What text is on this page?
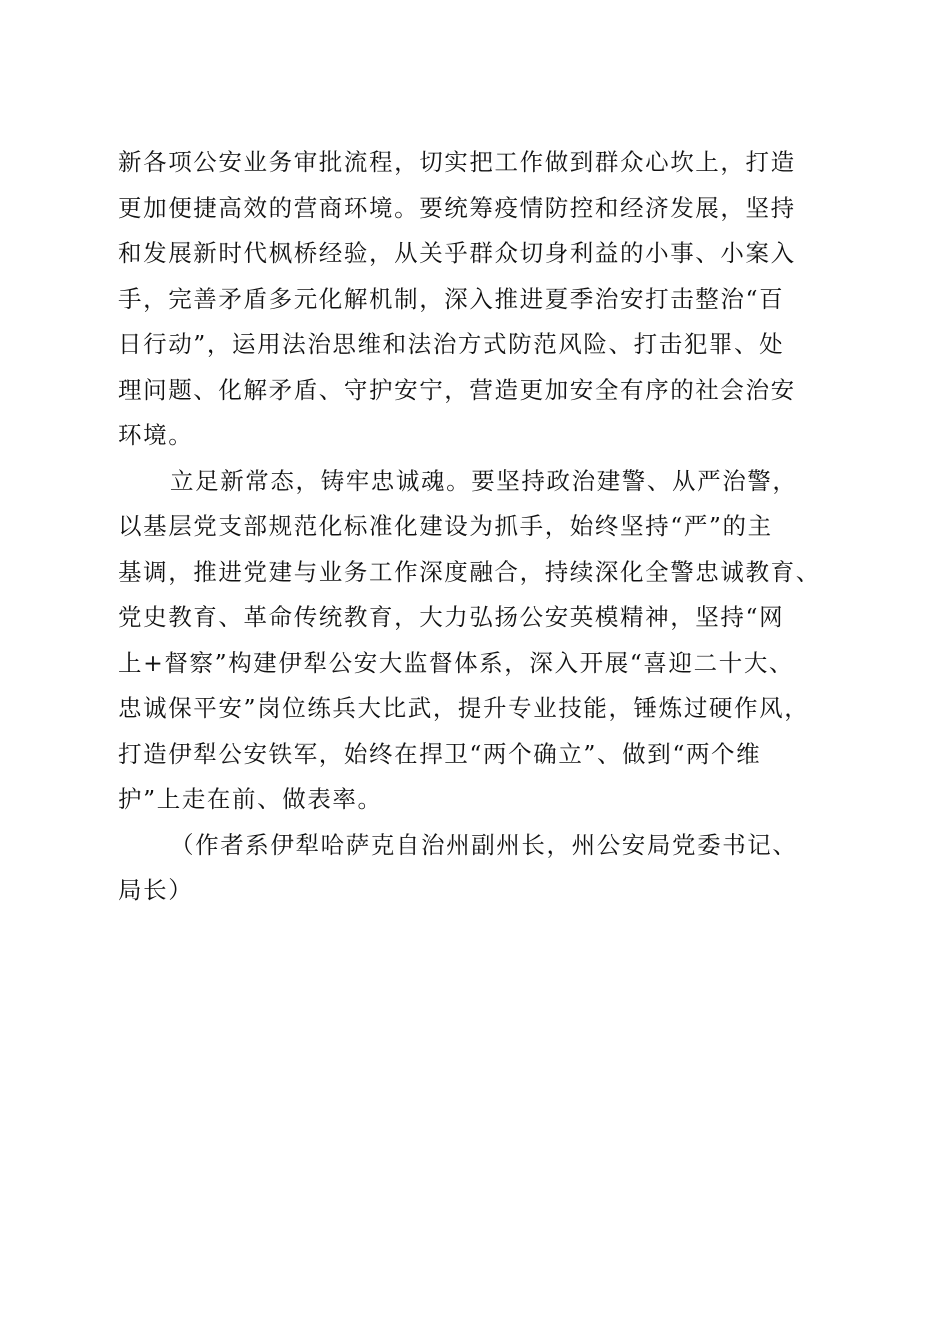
新各项公安业务审批流程，切实把工作做到群众心坎上，打造
更加便捷高效的营商环境。要统筹疫情防控和经济发展，坚持
和发展新时代枫桥经验，从关乎群众切身利益的小事、小案入
手，完善矛盾多元化解机制，深入推进夏季治安打击整治“百
日行动”，运用法治思维和法治方式防范风险、打击犯罪、处
理问题、化解矛盾、守护安宁，营造更加安全有序的社会治安
环境。
立足新常态，铸牢忠诚魂。要坚持政治建警、从严治警，
以基层党支部规范化标准化建设为抓手，始终坚持“严”的主
基调，推进党建与业务工作深度融合，持续深化全警忠诚教育、
党史教育、革命传统教育，大力弘扬公安英模精神，坚持“网
上+督察”构建伊犁公安大监督体系，深入开展“喜迎二十大、
忠诚保平安”岗位练兵大比武，提升专业技能，锤炼过硬作风，
打造伊犁公安铁军，始终在捍卫“两个确立”、做到“两个维
护”上走在前、做表率。
（作者系伊犁哈萨克自治州副州长，州公安局党委书记、
局长）
